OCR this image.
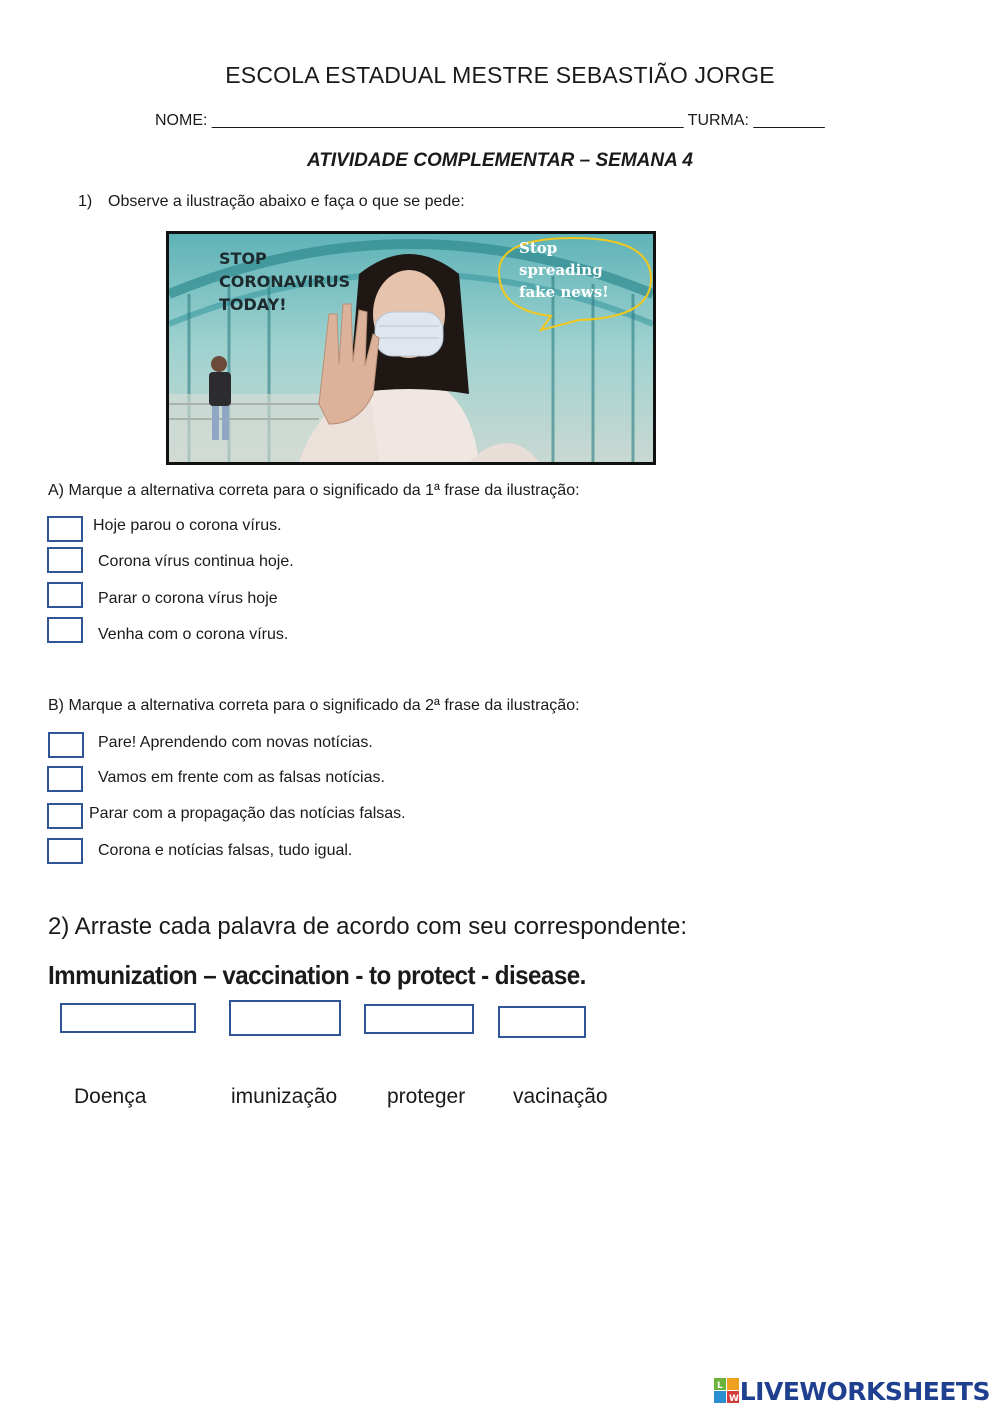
ESCOLA ESTADUAL MESTRE SEBASTIÃO JORGE
NOME: _____________________________________________________ TURMA: ________
ATIVIDADE COMPLEMENTAR – SEMANA 4
1) Observe a ilustração abaixo e faça o que se pede:
STOP CORONAVIRUS TODAY!
Stop spreading fake news!
A) Marque a alternativa correta para o significado da 1ª frase da ilustração:
Hoje parou o corona vírus.
Corona vírus continua hoje.
Parar o corona vírus hoje
Venha com o corona vírus.
B) Marque a alternativa correta para o significado da 2ª frase da ilustração:
Pare! Aprendendo com novas notícias.
Vamos em frente com as falsas notícias.
Parar com a propagação das notícias falsas.
Corona e notícias falsas, tudo igual.
2) Arraste cada palavra de acordo com seu correspondente:
Immunization – vaccination - to protect - disease.
Doença	imunização proteger vacinação
L
W LIVEWORKSHEETS
